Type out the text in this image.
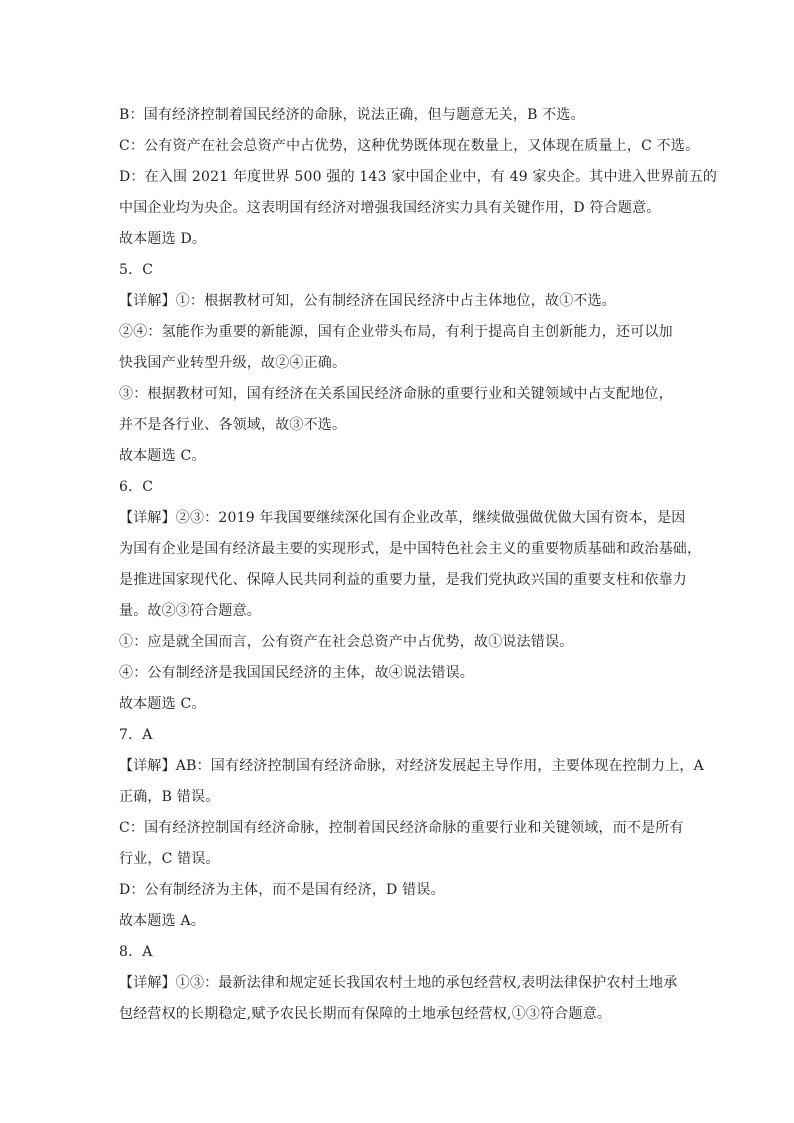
B：国有经济控制着国民经济的命脉，说法正确，但与题意无关，B 不选。
C：公有资产在社会总资产中占优势，这种优势既体现在数量上，又体现在质量上，C 不选。
D：在入围 2021 年度世界 500 强的 143 家中国企业中，有 49 家央企。其中进入世界前五的
中国企业均为央企。这表明国有经济对增强我国经济实力具有关键作用，D 符合题意。
故本题选 D。
5．C
【详解】①：根据教材可知，公有制经济在国民经济中占主体地位，故①不选。
②④：氢能作为重要的新能源，国有企业带头布局，有利于提高自主创新能力，还可以加
快我国产业转型升级，故②④正确。
③：根据教材可知，国有经济在关系国民经济命脉的重要行业和关键领域中占支配地位，
并不是各行业、各领域，故③不选。
故本题选 C。
6．C
【详解】②③：2019 年我国要继续深化国有企业改革，继续做强做优做大国有资本，是因
为国有企业是国有经济最主要的实现形式，是中国特色社会主义的重要物质基础和政治基础，
是推进国家现代化、保障人民共同利益的重要力量，是我们党执政兴国的重要支柱和依靠力
量。故②③符合题意。
①：应是就全国而言，公有资产在社会总资产中占优势，故①说法错误。
④：公有制经济是我国国民经济的主体，故④说法错误。
故本题选 C。
7．A
【详解】AB：国有经济控制国有经济命脉，对经济发展起主导作用，主要体现在控制力上，A
正确，B 错误。
C：国有经济控制国有经济命脉，控制着国民经济命脉的重要行业和关键领域，而不是所有
行业，C 错误。
D：公有制经济为主体，而不是国有经济，D 错误。
故本题选 A。
8．A
【详解】①③：最新法律和规定延长我国农村土地的承包经营权,表明法律保护农村土地承
包经营权的长期稳定,赋予农民长期而有保障的土地承包经营权,①③符合题意。
